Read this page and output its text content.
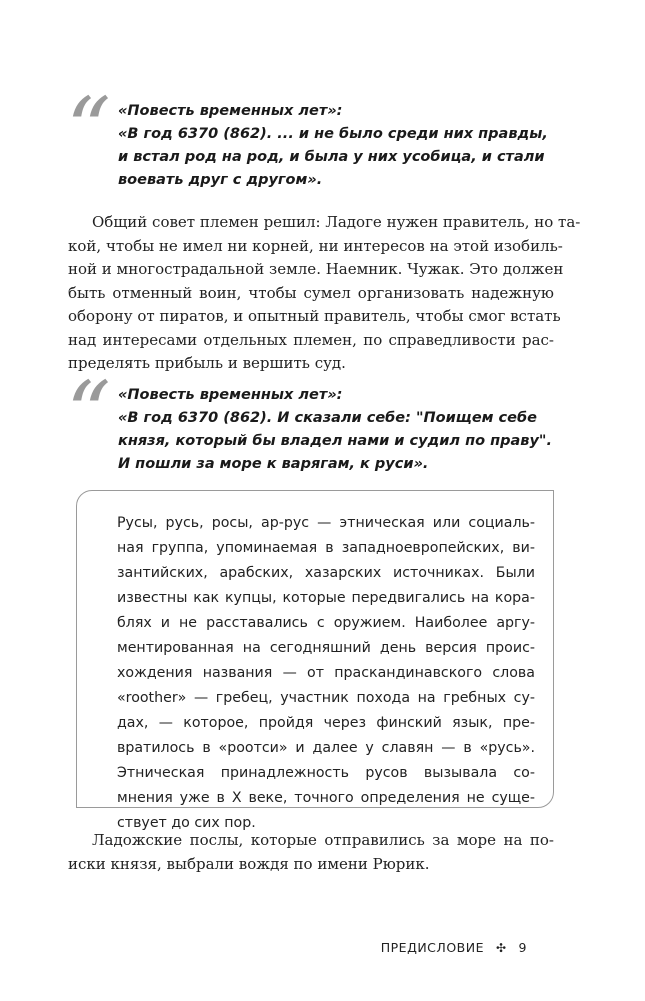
“ «Повесть временных лет»:
«В год 6370 (862). ... и не было среди них правды,
и встал род на род, и была у них усобица, и стали
воевать друг с другом».
Общий совет племен решил: Ладоге нужен правитель, но та-
кой, чтобы не имел ни корней, ни интересов на этой изобиль-
ной и многострадальной земле. Наемник. Чужак. Это должен
быть отменный воин, чтобы сумел организовать надежную
оборону от пиратов, и опытный правитель, чтобы смог встать
над интересами отдельных племен, по справедливости рас-
пределять прибыль и вершить суд.
“ «Повесть временных лет»:
«В год 6370 (862). И сказали себе: "Поищем себе
князя, который бы владел нами и судил по праву".
И пошли за море к варягам, к руси».
Русы, русь, росы, ар-рус — этническая или социаль-
ная группа, упоминаемая в западноевропейских, ви-
зантийских, арабских, хазарских источниках. Были
известны как купцы, которые передвигались на кора-
блях и не расставались с оружием. Наиболее аргу-
ментированная на сегодняшний день версия проис-
хождения названия — от праскандинавского слова
«roother» — гребец, участник похода на гребных су-
дах, — которое, пройдя через финский язык, пре-
вратилось в «роотси» и далее у славян — в «русь».
Этническая принадлежность русов вызывала со-
мнения уже в X веке, точного определения не суще-
ствует до сих пор.
Ладожские послы, которые отправились за море на по-
иски князя, выбрали вождя по имени Рюрик.
ПРЕДИСЛОВИЕ ✣ 9
